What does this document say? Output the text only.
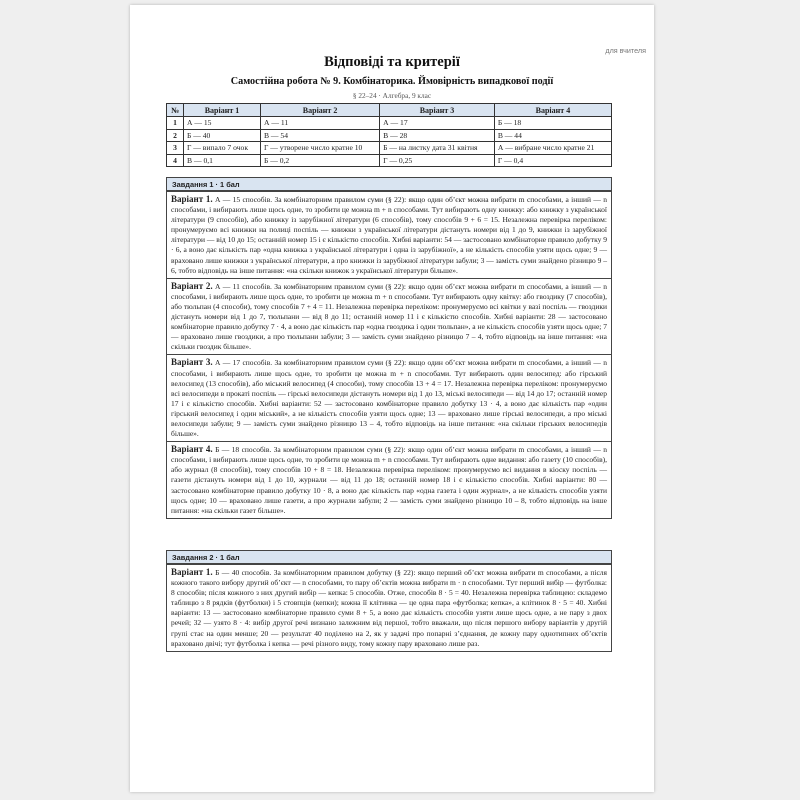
для вчителя
Відповіді та критерії
Самостійна робота № 9. Комбінаторика. Ймовірність випадкової події
§ 22–24 · Алгебра, 9 клас
№	Варіант 1	Варіант 2	Варіант 3	Варіант 4
1	А — 15	А — 11	А — 17	Б — 18
2	Б — 40	В — 54	В — 28	В — 44
3	Г — випало 7 очок	Г — утворене число кратне 10	Б — на листку дата 31 квітня	А — вибране число кратне 21
4	В — 0,1	Б — 0,2	Г — 0,25	Г — 0,4
Завдання 1 · 1 бал
Варіант 1. А — 15 способів. За комбінаторним правилом суми (§ 22): якщо один об’єкт можна вибрати m способами, а інший — n способами, і вибирають лише щось одне, то зробити це можна m + n способами. Тут вибирають одну книжку: або книжку з української літератури (9 способів), або книжку із зарубіжної літератури (6 способів), тому способів 9 + 6 = 15. Незалежна перевірка переліком: пронумеруємо всі книжки на полиці поспіль — книжки з української літератури дістануть номери від 1 до 9, книжки із зарубіжної літератури — від 10 до 15; останній номер 15 і є кількістю способів. Хибні варіанти: 54 — застосовано комбінаторне правило добутку 9 · 6, а воно дає кількість пар «одна книжка з української літератури і одна із зарубіжної», а не кількість способів узяти щось одне; 9 — враховано лише книжки з української літератури, а про книжки із зарубіжної літератури забули; 3 — замість суми знайдено різницю 9 – 6, тобто відповідь на інше питання: «на скільки книжок з української літератури більше».
Варіант 2. А — 11 способів. За комбінаторним правилом суми (§ 22): якщо один об’єкт можна вибрати m способами, а інший — n способами, і вибирають лише щось одне, то зробити це можна m + n способами. Тут вибирають одну квітку: або гвоздику (7 способів), або тюльпан (4 способи), тому способів 7 + 4 = 11. Незалежна перевірка переліком: пронумеруємо всі квітки у вазі поспіль — гвоздики дістануть номери від 1 до 7, тюльпани — від 8 до 11; останній номер 11 і є кількістю способів. Хибні варіанти: 28 — застосовано комбінаторне правило добутку 7 · 4, а воно дає кількість пар «одна гвоздика і один тюльпан», а не кількість способів узяти щось одне; 7 — враховано лише гвоздики, а про тюльпани забули; 3 — замість суми знайдено різницю 7 – 4, тобто відповідь на інше питання: «на скільки гвоздик більше».
Варіант 3. А — 17 способів. За комбінаторним правилом суми (§ 22): якщо один об’єкт можна вибрати m способами, а інший — n способами, і вибирають лише щось одне, то зробити це можна m + n способами. Тут вибирають один велосипед: або гірський велосипед (13 способів), або міський велосипед (4 способи), тому способів 13 + 4 = 17. Незалежна перевірка переліком: пронумеруємо всі велосипеди в прокаті поспіль — гірські велосипеди дістануть номери від 1 до 13, міські велосипеди — від 14 до 17; останній номер 17 і є кількістю способів. Хибні варіанти: 52 — застосовано комбінаторне правило добутку 13 · 4, а воно дає кількість пар «один гірський велосипед і один міський», а не кількість способів узяти щось одне; 13 — враховано лише гірські велосипеди, а про міські велосипеди забули; 9 — замість суми знайдено різницю 13 – 4, тобто відповідь на інше питання: «на скільки гірських велосипедів більше».
Варіант 4. Б — 18 способів. За комбінаторним правилом суми (§ 22): якщо один об’єкт можна вибрати m способами, а інший — n способами, і вибирають лише щось одне, то зробити це можна m + n способами. Тут вибирають одне видання: або газету (10 способів), або журнал (8 способів), тому способів 10 + 8 = 18. Незалежна перевірка переліком: пронумеруємо всі видання в кіоску поспіль — газети дістануть номери від 1 до 10, журнали — від 11 до 18; останній номер 18 і є кількістю способів. Хибні варіанти: 80 — застосовано комбінаторне правило добутку 10 · 8, а воно дає кількість пар «одна газета і один журнал», а не кількість способів узяти щось одне; 10 — враховано лише газети, а про журнали забули; 2 — замість суми знайдено різницю 10 – 8, тобто відповідь на інше питання: «на скільки газет більше».
Завдання 2 · 1 бал
Варіант 1. Б — 40 способів. За комбінаторним правилом добутку (§ 22): якщо перший об’єкт можна вибрати m способами, а після кожного такого вибору другий об’єкт — n способами, то пару об’єктів можна вибрати m · n способами. Тут перший вибір — футболка: 8 способів; після кожного з них другий вибір — кепка: 5 способів. Отже, способів 8 · 5 = 40. Незалежна перевірка таблицею: складемо таблицю з 8 рядків (футболки) і 5 стовпців (кепки); кожна її клітинка — це одна пара «футболка; кепка», а клітинок 8 · 5 = 40. Хибні варіанти: 13 — застосовано комбінаторне правило суми 8 + 5, а воно дає кількість способів узяти лише щось одне, а не пару з двох речей; 32 — узято 8 · 4: вибір другої речі визнано залежним від першої, тобто вважали, що після першого вибору варіантів у другій групі стає на один менше; 20 — результат 40 поділено на 2, як у задачі про попарні з’єднання, де кожну пару однотипних об’єктів враховано двічі; тут футболка і кепка — речі різного виду, тому кожну пару враховано лише раз.
